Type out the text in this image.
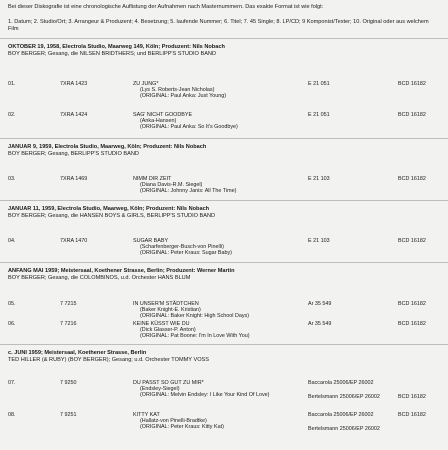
Bei dieser Diskografie ist eine chronologische Auflistung der Aufnahmen nach Masternummern. Das exakte Format ist wie folgt:
1. Datum; 2. Studio/Ort; 3. Arrangeur & Produzent; 4. Besetzung; 5. laufende Nummer; 6. Titel; 7. 45 Single; 8. LP/CD; 9 Komponist/Texter; 10. Original oder aus welchem Film
OKTOBER 19, 1958, Electrola Studio, Maarweg 149, Köln; Produzent: Nils Nobach
BOY BERGER; Gesang, die NILSEN BRIDTHERS; und BERLIPP'S STUDIO BAND
01.	7XRA 1423	ZU JUNG*	E 21 051	BCD 16182
(Lys S. Roberts-Jean Nicholas)
(ORIGINAL: Paul Anka: Just Young)
02.	7XRA 1424	SAG' NICHT GOODBYE	E 21 051	BCD 16182
(Anka-Hansen)
(ORIGINAL: Paul Anka: So It's Goodbye)
JANUAR 9, 1959, Electrola Studio, Maarweg, Köln; Produzent: Nils Nobach
BOY BERGER; Gesang, BERLIPP'S STUDIO BAND
03.	7XRA 1469	NIMM DIR ZEIT	E 21 103	BCD 16182
(Diana Davis-R.M. Siegel)
(ORIGINAL: Johnny Janis: All The Time)
JANUAR 11, 1959, Electrola Studio, Maarweg, Köln; Produzent: Nils Nobach
BOY BERGER; Gesang, die HANSEN BOYS & GIRLS, BERLIPP'S STUDIO BAND
04.	7XRA 1470	SUGAR BABY	E 21 103	BCD 16182
(Scharfenberger-Busch-von Pinelli)
(ORIGINAL: Peter Kraus: Sugar Baby)
ANFANG MAI 1959; Meistersaal, Koethener Strasse, Berlin; Produzent: Werner Martin
BOY BERGER; Gesang, die COLOMBINOS, u.d. Orchester HANS BLUM
05.	7 7215	IN UNSER'M STÄDTCHEN	Ar 35 549	BCD 16182
(Baker Knight-E. Kristian)
(ORIGINAL: Baker Knight: High School Days)
06.	7 7216	KEINE KÜSST WIE DU	Ar 35 549	BCD 16182
(Dick Glasser-P. Anton)
(ORIGINAL: Pat Boone: I'm In Love With You)
c. JUNI 1959; Meistersaal, Koethener Strasse, Berlin
TED HILLER (& RUBY) (BOY BERGER); Gesang; u.d. Orchester TOMMY VOSS
07.	7 9250	DU PASST SO GUT ZU MIR*	Baccarola 25006/EP 26002
(Endsley-Siegel)
(ORIGINAL: Melvin Endsley: I Like Your Kind Of Love)	Bertelsmann 25006/EP 26002	BCD 16182
08.	7 9251	KITTY KAT	Baccarola 25006/EP 26002	BCD 16182
(Hallatz-von Pinelli-Bradtke)
(ORIGINAL: Peter Kraus: Kitty Kat)	Bertelsmann 25006/EP 26002
